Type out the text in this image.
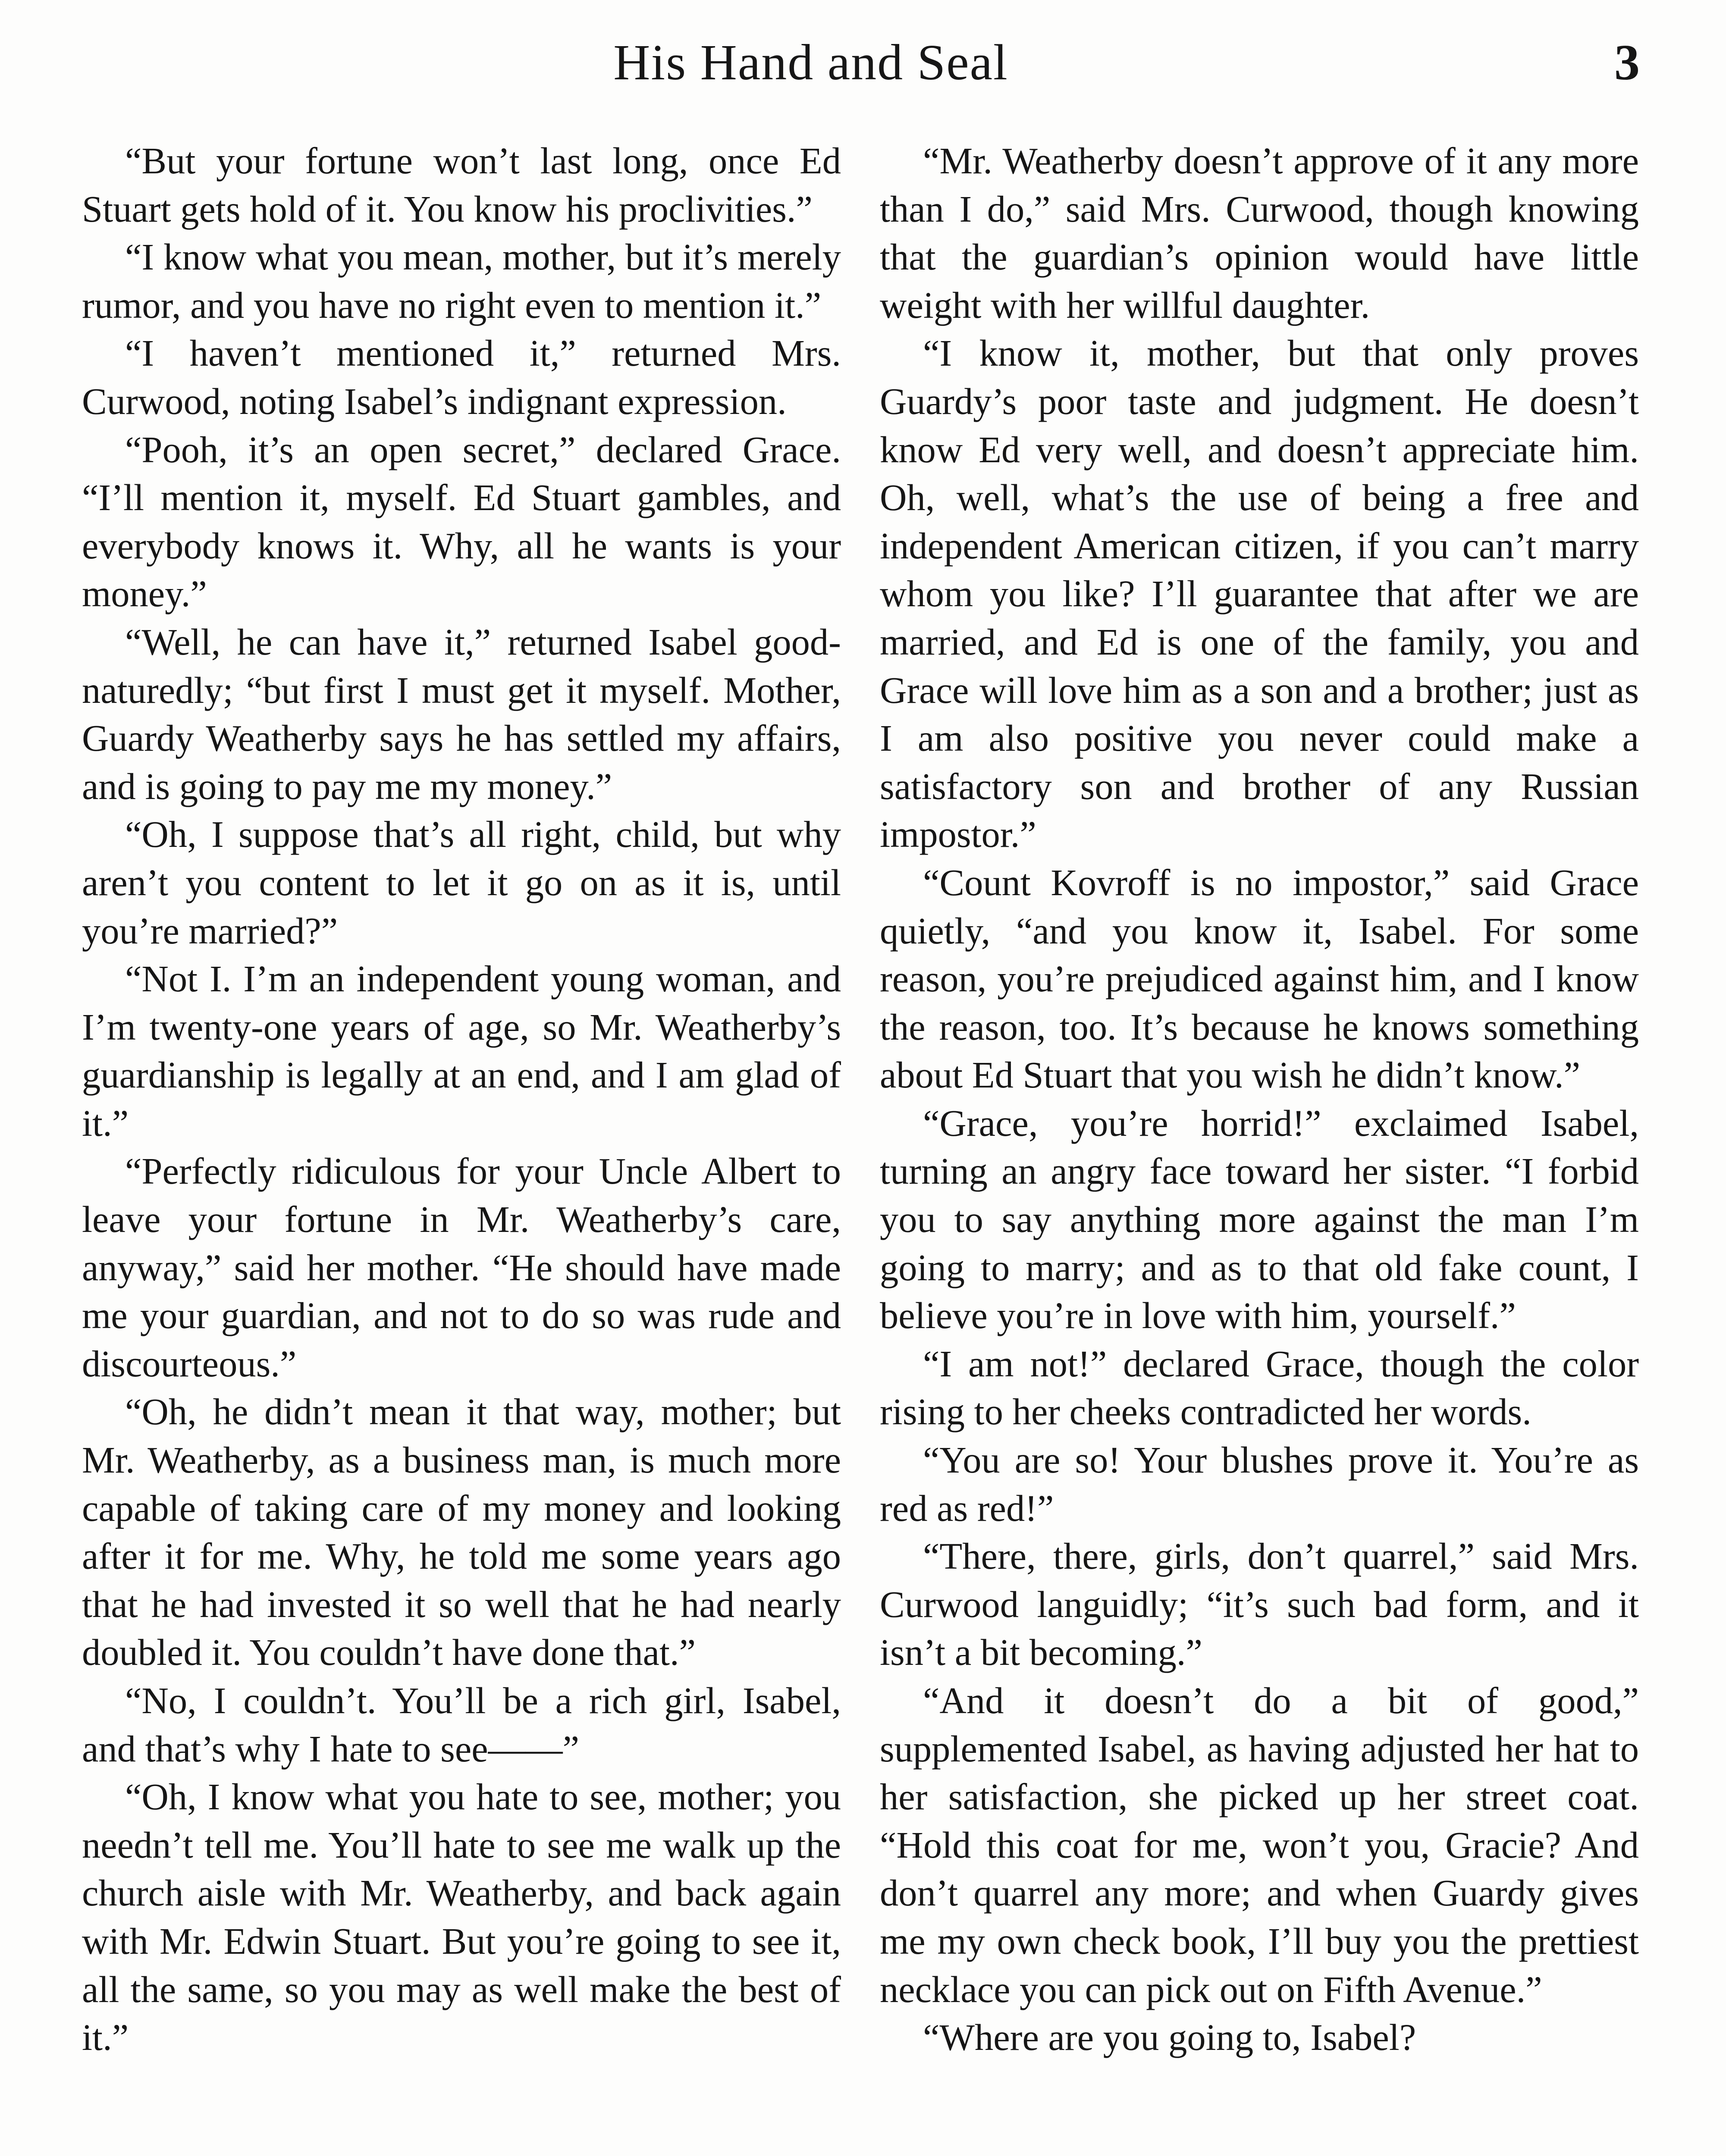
His Hand and Seal	3

“But your fortune won’t last long, once Ed Stuart gets hold of it. You know his proclivities.”

“I know what you mean, mother, but it’s merely rumor, and you have no right even to mention it.”

“I haven’t mentioned it,” returned Mrs. Curwood, noting Isabel’s indignant expression.

“Pooh, it’s an open secret,” declared Grace. “I’ll mention it, myself. Ed Stuart gambles, and everybody knows it. Why, all he wants is your money.”

“Well, he can have it,” returned Isabel good-naturedly; “but first I must get it myself. Mother, Guardy Weatherby says he has settled my affairs, and is going to pay me my money.”

“Oh, I suppose that’s all right, child, but why aren’t you content to let it go on as it is, until you’re married?”

“Not I. I’m an independent young woman, and I’m twenty-one years of age, so Mr. Weatherby’s guardianship is legally at an end, and I am glad of it.”

“Perfectly ridiculous for your Uncle Albert to leave your fortune in Mr. Weatherby’s care, anyway,” said her mother. “He should have made me your guardian, and not to do so was rude and discourteous.”

“Oh, he didn’t mean it that way, mother; but Mr. Weatherby, as a business man, is much more capable of taking care of my money and looking after it for me. Why, he told me some years ago that he had invested it so well that he had nearly doubled it. You couldn’t have done that.”

“No, I couldn’t. You’ll be a rich girl, Isabel, and that’s why I hate to see——”

“Oh, I know what you hate to see, mother; you needn’t tell me. You’ll hate to see me walk up the church aisle with Mr. Weatherby, and back again with Mr. Edwin Stuart. But you’re going to see it, all the same, so you may as well make the best of it.”

“Mr. Weatherby doesn’t approve of it any more than I do,” said Mrs. Curwood, though knowing that the guardian’s opinion would have little weight with her willful daughter.

“I know it, mother, but that only proves Guardy’s poor taste and judgment. He doesn’t know Ed very well, and doesn’t appreciate him. Oh, well, what’s the use of being a free and independent American citizen, if you can’t marry whom you like? I’ll guarantee that after we are married, and Ed is one of the family, you and Grace will love him as a son and a brother; just as I am also positive you never could make a satisfactory son and brother of any Russian impostor.”

“Count Kovroff is no impostor,” said Grace quietly, “and you know it, Isabel. For some reason, you’re prejudiced against him, and I know the reason, too. It’s because he knows something about Ed Stuart that you wish he didn’t know.”

“Grace, you’re horrid!” exclaimed Isabel, turning an angry face toward her sister. “I forbid you to say anything more against the man I’m going to marry; and as to that old fake count, I believe you’re in love with him, yourself.”

“I am not!” declared Grace, though the color rising to her cheeks contradicted her words.

“You are so! Your blushes prove it. You’re as red as red!”

“There, there, girls, don’t quarrel,” said Mrs. Curwood languidly; “it’s such bad form, and it isn’t a bit becoming.”

“And it doesn’t do a bit of good,” supplemented Isabel, as having adjusted her hat to her satisfaction, she picked up her street coat. “Hold this coat for me, won’t you, Gracie? And don’t quarrel any more; and when Guardy gives me my own check book, I’ll buy you the prettiest necklace you can pick out on Fifth Avenue.”

“Where are you going to, Isabel?
